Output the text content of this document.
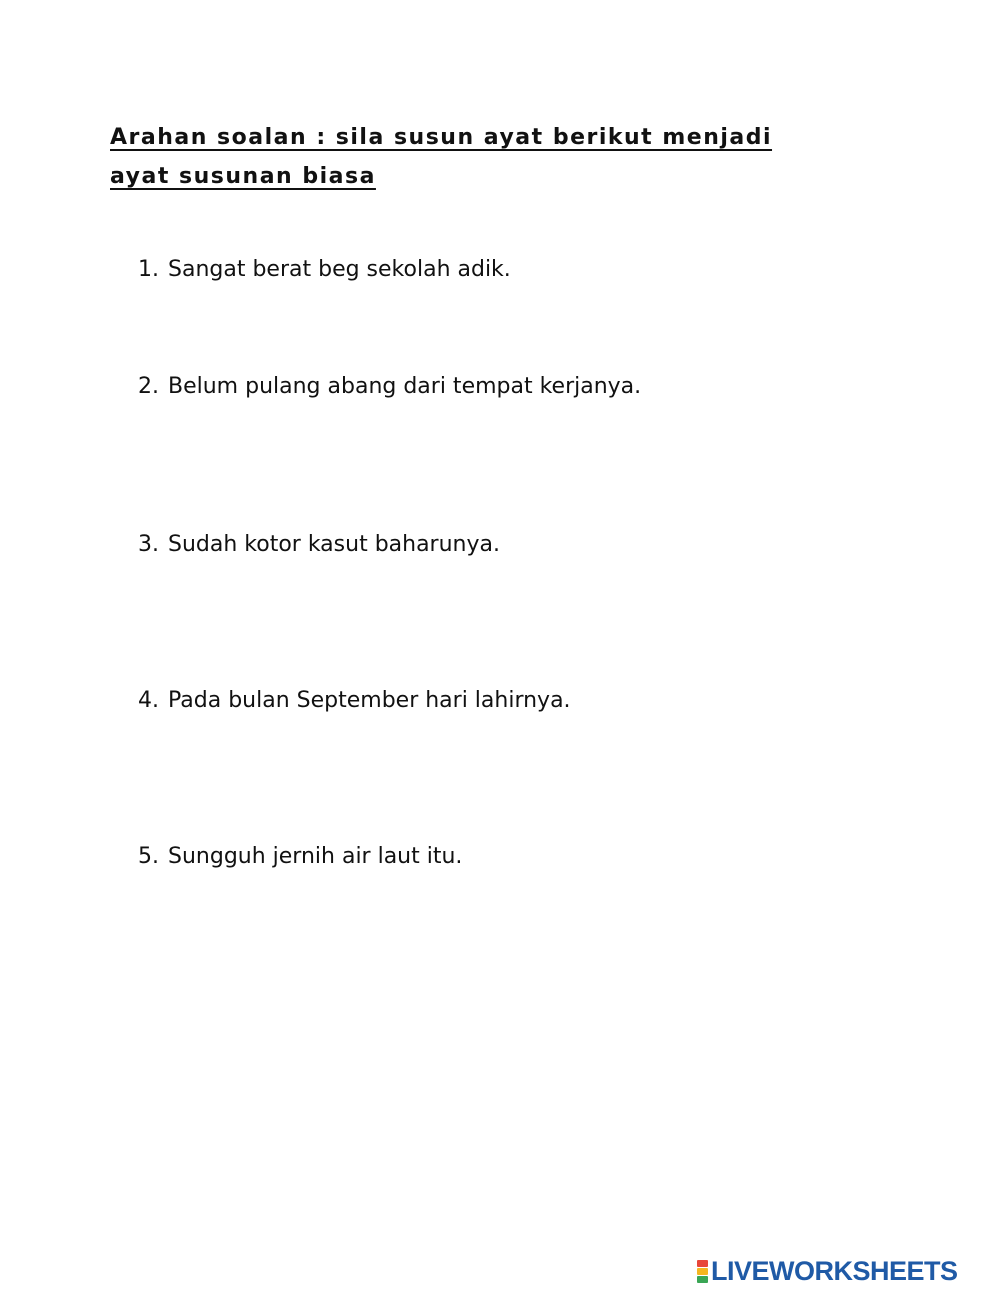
Arahan soalan : sila susun ayat berikut menjadi ayat susunan biasa
1. Sangat berat beg sekolah adik.
2. Belum pulang abang dari tempat kerjanya.
3. Sudah kotor kasut baharunya.
4. Pada bulan September hari lahirnya.
5. Sungguh jernih air laut itu.
LIVEWORKSHEETS
